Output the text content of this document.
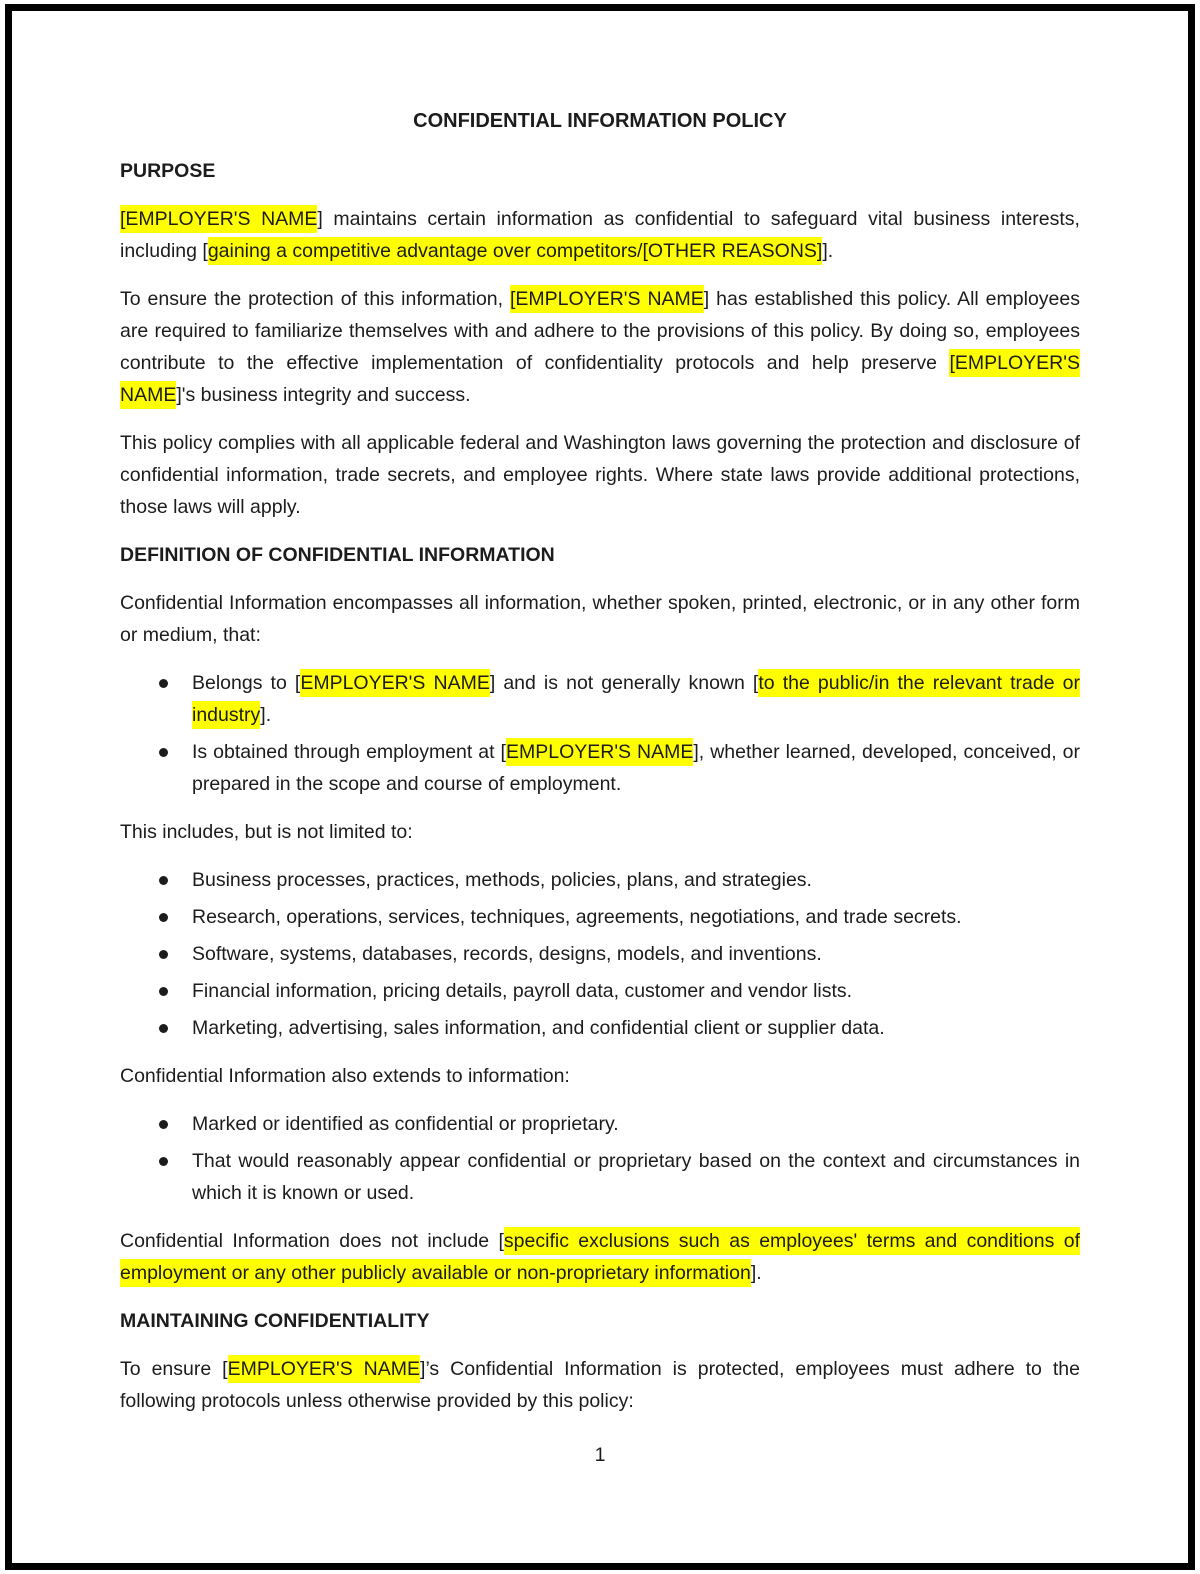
CONFIDENTIAL INFORMATION POLICY
PURPOSE

[EMPLOYER'S NAME] maintains certain information as confidential to safeguard vital business interests, including [gaining a competitive advantage over competitors/[OTHER REASONS]].

To ensure the protection of this information, [EMPLOYER'S NAME] has established this policy. All employees are required to familiarize themselves with and adhere to the provisions of this policy. By doing so, employees contribute to the effective implementation of confidentiality protocols and help preserve [EMPLOYER'S NAME]'s business integrity and success.

This policy complies with all applicable federal and Washington laws governing the protection and disclosure of confidential information, trade secrets, and employee rights. Where state laws provide additional protections, those laws will apply.

DEFINITION OF CONFIDENTIAL INFORMATION

Confidential Information encompasses all information, whether spoken, printed, electronic, or in any other form or medium, that:

Belongs to [EMPLOYER'S NAME] and is not generally known [to the public/in the relevant trade or industry].
Is obtained through employment at [EMPLOYER'S NAME], whether learned, developed, conceived, or prepared in the scope and course of employment.

This includes, but is not limited to:

Business processes, practices, methods, policies, plans, and strategies.
Research, operations, services, techniques, agreements, negotiations, and trade secrets.
Software, systems, databases, records, designs, models, and inventions.
Financial information, pricing details, payroll data, customer and vendor lists.
Marketing, advertising, sales information, and confidential client or supplier data.

Confidential Information also extends to information:

Marked or identified as confidential or proprietary.
That would reasonably appear confidential or proprietary based on the context and circumstances in which it is known or used.

Confidential Information does not include [specific exclusions such as employees' terms and conditions of employment or any other publicly available or non-proprietary information].

MAINTAINING CONFIDENTIALITY

To ensure [EMPLOYER'S NAME]’s Confidential Information is protected, employees must adhere to the following protocols unless otherwise provided by this policy:

1
